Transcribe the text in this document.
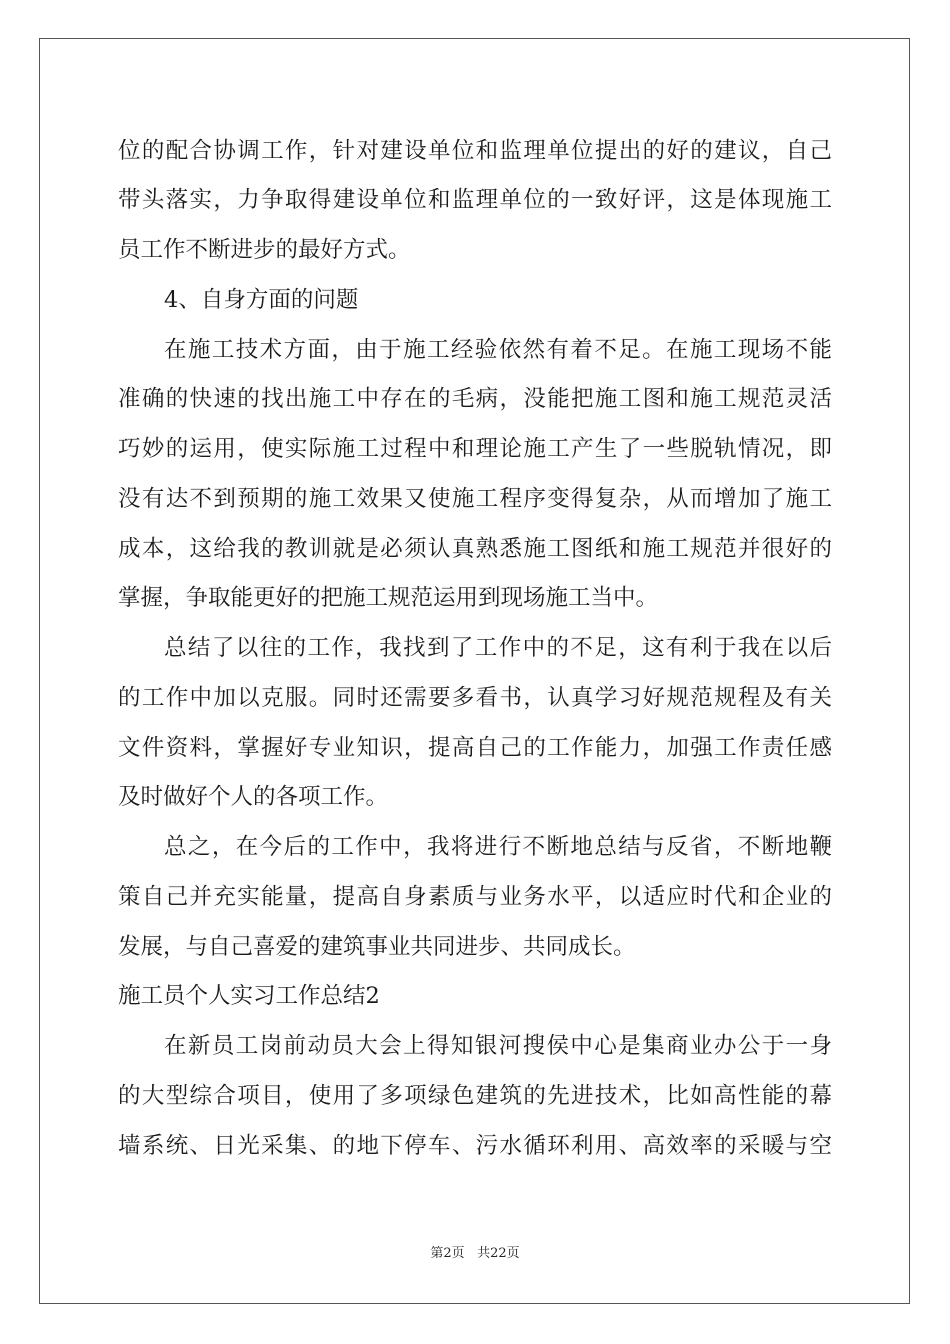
位的配合协调工作，针对建设单位和监理单位提出的好的建议，自己
带头落实，力争取得建设单位和监理单位的一致好评，这是体现施工
员工作不断进步的最好方式。
4、自身方面的问题
在施工技术方面，由于施工经验依然有着不足。在施工现场不能
准确的快速的找出施工中存在的毛病，没能把施工图和施工规范灵活
巧妙的运用，使实际施工过程中和理论施工产生了一些脱轨情况，即
没有达不到预期的施工效果又使施工程序变得复杂，从而增加了施工
成本，这给我的教训就是必须认真熟悉施工图纸和施工规范并很好的
掌握，争取能更好的把施工规范运用到现场施工当中。
总结了以往的工作，我找到了工作中的不足，这有利于我在以后
的工作中加以克服。同时还需要多看书，认真学习好规范规程及有关
文件资料，掌握好专业知识，提高自己的工作能力，加强工作责任感
及时做好个人的各项工作。
总之，在今后的工作中，我将进行不断地总结与反省，不断地鞭
策自己并充实能量，提高自身素质与业务水平，以适应时代和企业的
发展，与自己喜爱的建筑事业共同进步、共同成长。
施工员个人实习工作总结2
在新员工岗前动员大会上得知银河搜侯中心是集商业办公于一身
的大型综合项目，使用了多项绿色建筑的先进技术，比如高性能的幕
墙系统、日光采集、的地下停车、污水循环利用、高效率的采暖与空
第2页 共22页
